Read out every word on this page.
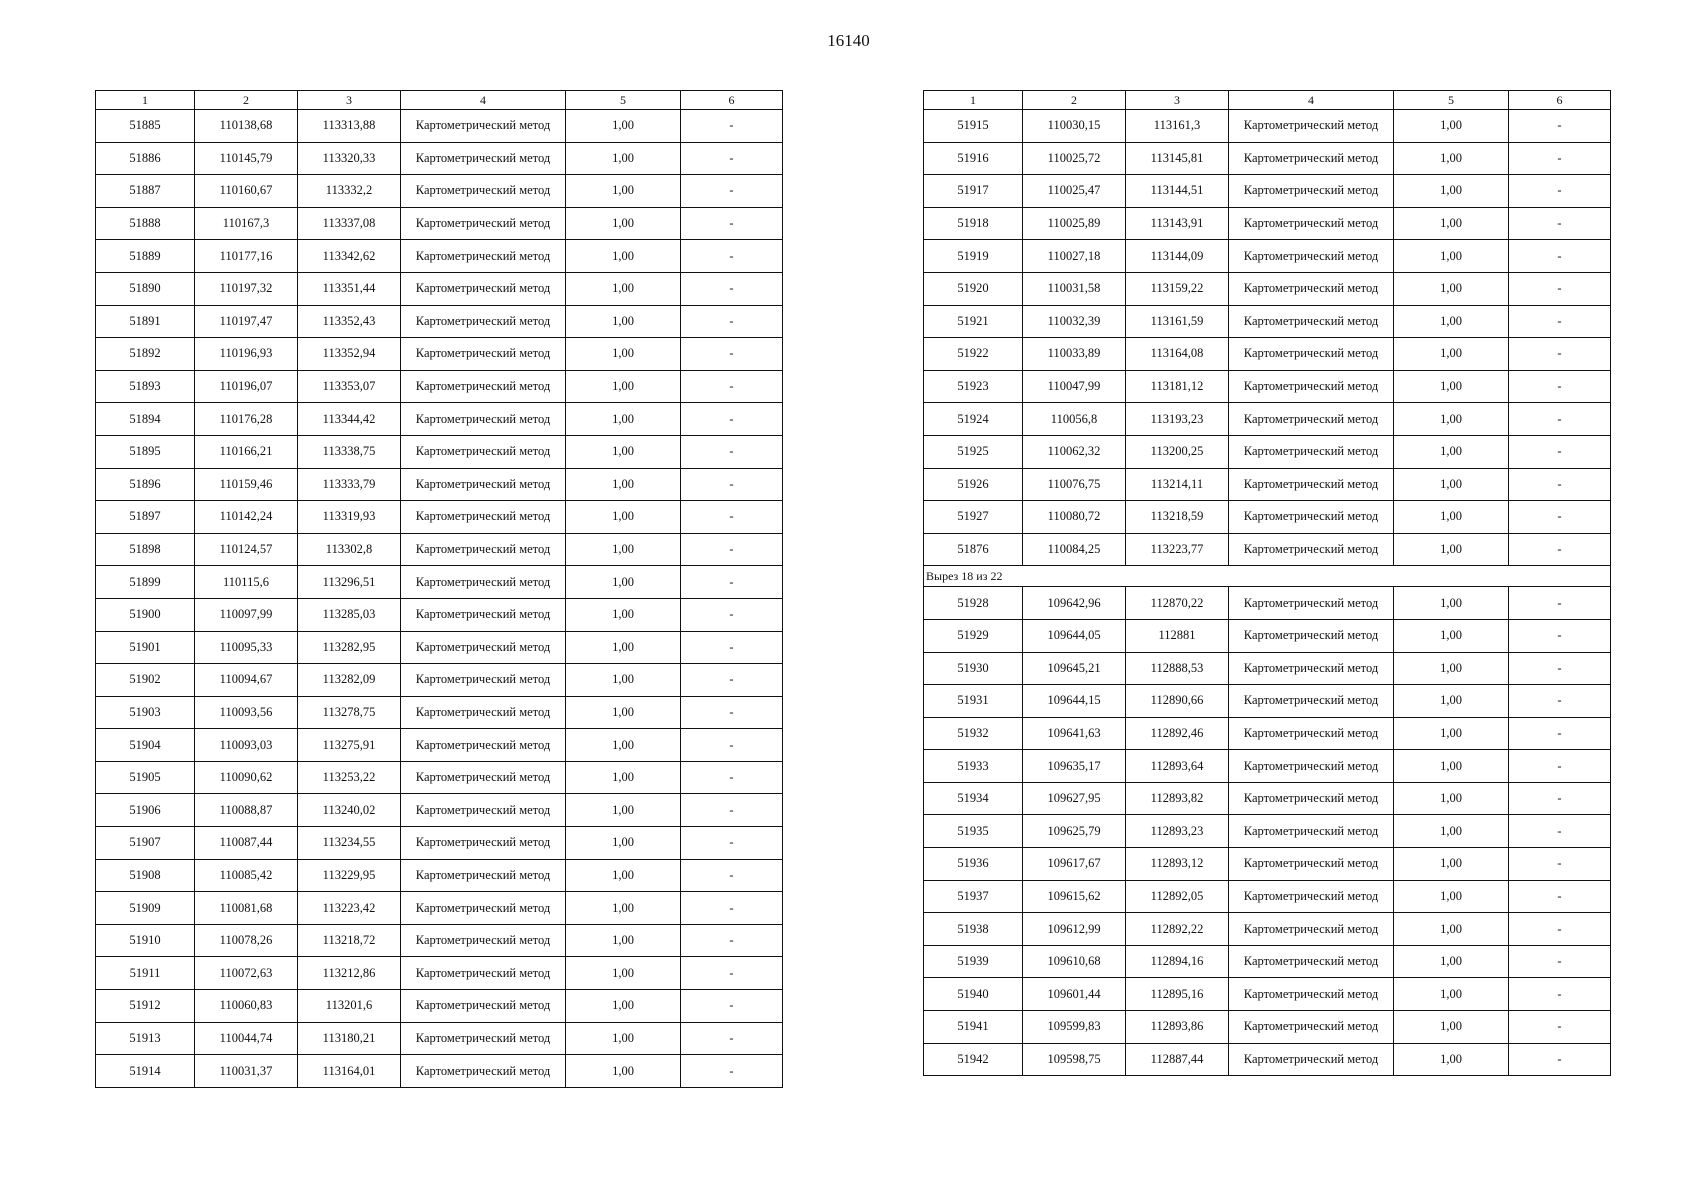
16140
1	2	3	4	5	6
51885	110138,68	113313,88	Картометрический метод	1,00	-
51886	110145,79	113320,33	Картометрический метод	1,00	-
51887	110160,67	113332,2	Картометрический метод	1,00	-
51888	110167,3	113337,08	Картометрический метод	1,00	-
51889	110177,16	113342,62	Картометрический метод	1,00	-
51890	110197,32	113351,44	Картометрический метод	1,00	-
51891	110197,47	113352,43	Картометрический метод	1,00	-
51892	110196,93	113352,94	Картометрический метод	1,00	-
51893	110196,07	113353,07	Картометрический метод	1,00	-
51894	110176,28	113344,42	Картометрический метод	1,00	-
51895	110166,21	113338,75	Картометрический метод	1,00	-
51896	110159,46	113333,79	Картометрический метод	1,00	-
51897	110142,24	113319,93	Картометрический метод	1,00	-
51898	110124,57	113302,8	Картометрический метод	1,00	-
51899	110115,6	113296,51	Картометрический метод	1,00	-
51900	110097,99	113285,03	Картометрический метод	1,00	-
51901	110095,33	113282,95	Картометрический метод	1,00	-
51902	110094,67	113282,09	Картометрический метод	1,00	-
51903	110093,56	113278,75	Картометрический метод	1,00	-
51904	110093,03	113275,91	Картометрический метод	1,00	-
51905	110090,62	113253,22	Картометрический метод	1,00	-
51906	110088,87	113240,02	Картометрический метод	1,00	-
51907	110087,44	113234,55	Картометрический метод	1,00	-
51908	110085,42	113229,95	Картометрический метод	1,00	-
51909	110081,68	113223,42	Картометрический метод	1,00	-
51910	110078,26	113218,72	Картометрический метод	1,00	-
51911	110072,63	113212,86	Картометрический метод	1,00	-
51912	110060,83	113201,6	Картометрический метод	1,00	-
51913	110044,74	113180,21	Картометрический метод	1,00	-
51914	110031,37	113164,01	Картометрический метод	1,00	-
1	2	3	4	5	6
51915	110030,15	113161,3	Картометрический метод	1,00	-
51916	110025,72	113145,81	Картометрический метод	1,00	-
51917	110025,47	113144,51	Картометрический метод	1,00	-
51918	110025,89	113143,91	Картометрический метод	1,00	-
51919	110027,18	113144,09	Картометрический метод	1,00	-
51920	110031,58	113159,22	Картометрический метод	1,00	-
51921	110032,39	113161,59	Картометрический метод	1,00	-
51922	110033,89	113164,08	Картометрический метод	1,00	-
51923	110047,99	113181,12	Картометрический метод	1,00	-
51924	110056,8	113193,23	Картометрический метод	1,00	-
51925	110062,32	113200,25	Картометрический метод	1,00	-
51926	110076,75	113214,11	Картометрический метод	1,00	-
51927	110080,72	113218,59	Картометрический метод	1,00	-
51876	110084,25	113223,77	Картометрический метод	1,00	-
Вырез 18 из 22					
51928	109642,96	112870,22	Картометрический метод	1,00	-
51929	109644,05	112881	Картометрический метод	1,00	-
51930	109645,21	112888,53	Картометрический метод	1,00	-
51931	109644,15	112890,66	Картометрический метод	1,00	-
51932	109641,63	112892,46	Картометрический метод	1,00	-
51933	109635,17	112893,64	Картометрический метод	1,00	-
51934	109627,95	112893,82	Картометрический метод	1,00	-
51935	109625,79	112893,23	Картометрический метод	1,00	-
51936	109617,67	112893,12	Картометрический метод	1,00	-
51937	109615,62	112892,05	Картометрический метод	1,00	-
51938	109612,99	112892,22	Картометрический метод	1,00	-
51939	109610,68	112894,16	Картометрический метод	1,00	-
51940	109601,44	112895,16	Картометрический метод	1,00	-
51941	109599,83	112893,86	Картометрический метод	1,00	-
51942	109598,75	112887,44	Картометрический метод	1,00	-
